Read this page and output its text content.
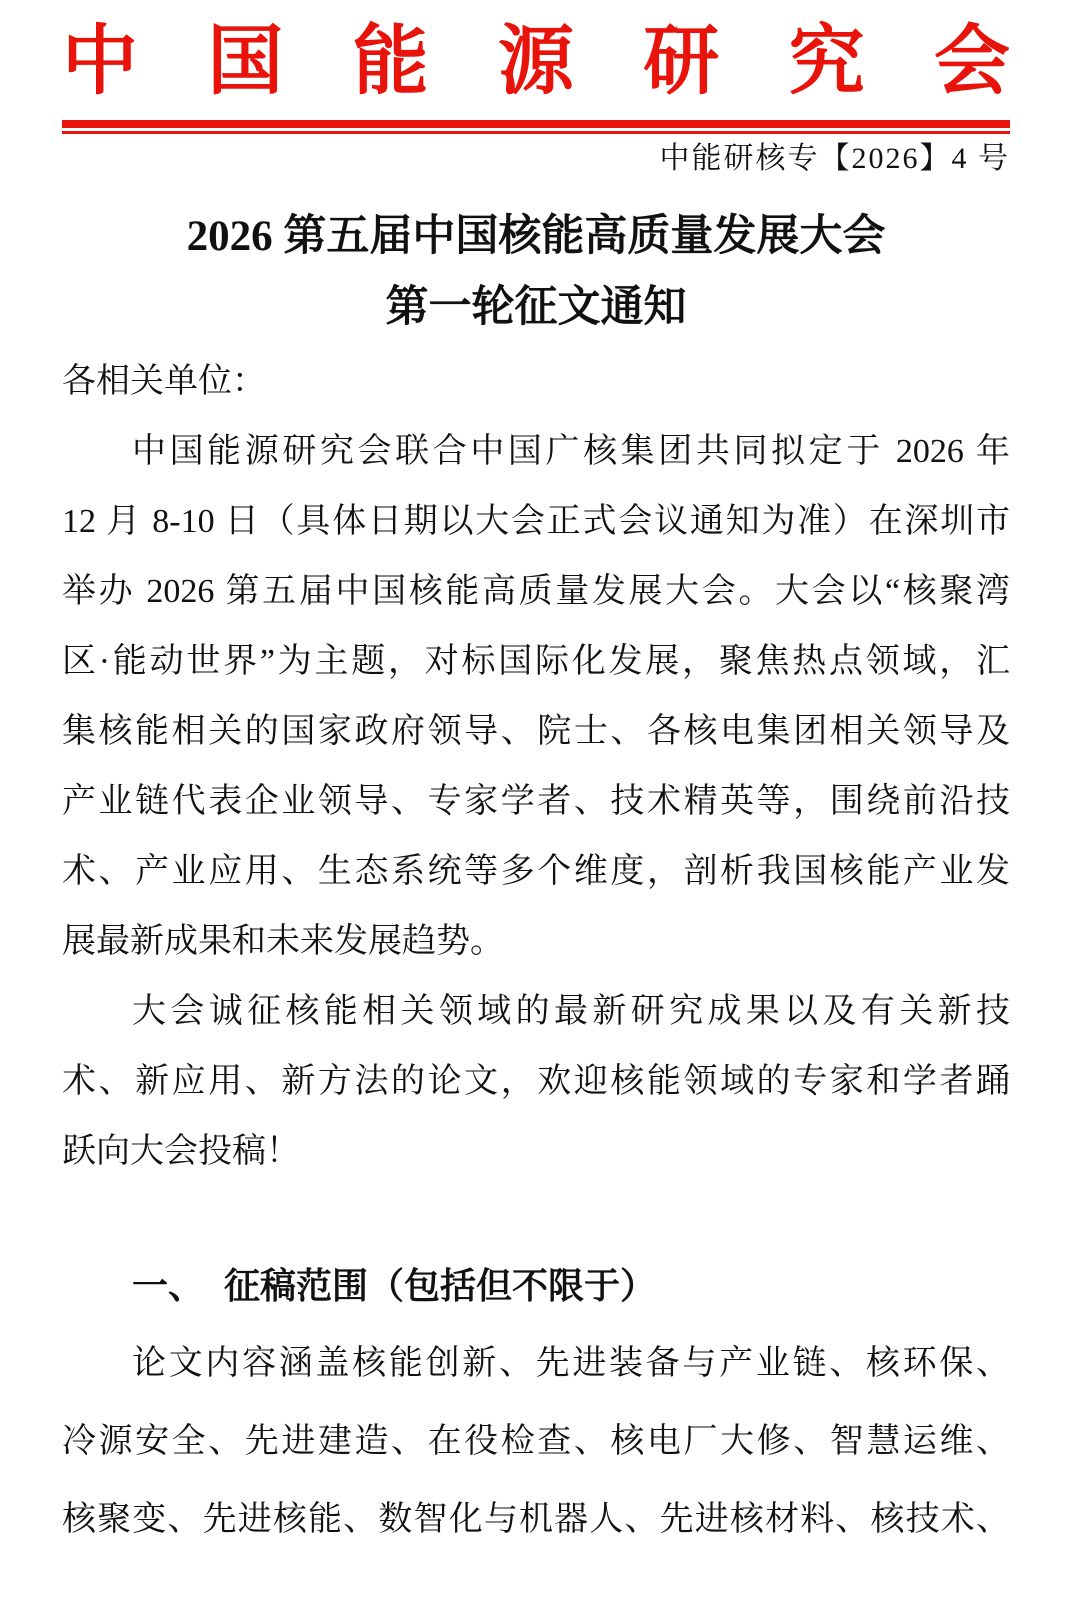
中国能源研究会
中能研核专【2026】4 号
2026 第五届中国核能高质量发展大会
第一轮征文通知
各相关单位：
中国能源研究会联合中国广核集团共同拟定于 2026 年
12 月 8-10 日（具体日期以大会正式会议通知为准）在深圳市
举办 2026 第五届中国核能高质量发展大会。大会以“核聚湾
区·能动世界”为主题，对标国际化发展，聚焦热点领域，汇
集核能相关的国家政府领导、院士、各核电集团相关领导及
产业链代表企业领导、专家学者、技术精英等，围绕前沿技
术、产业应用、生态系统等多个维度，剖析我国核能产业发
展最新成果和未来发展趋势。
大会诚征核能相关领域的最新研究成果以及有关新技
术、新应用、新方法的论文，欢迎核能领域的专家和学者踊
跃向大会投稿！
一、 征稿范围（包括但不限于）
论文内容涵盖核能创新、先进装备与产业链、核环保、
冷源安全、先进建造、在役检查、核电厂大修、智慧运维、
核聚变、先进核能、数智化与机器人、先进核材料、核技术、
